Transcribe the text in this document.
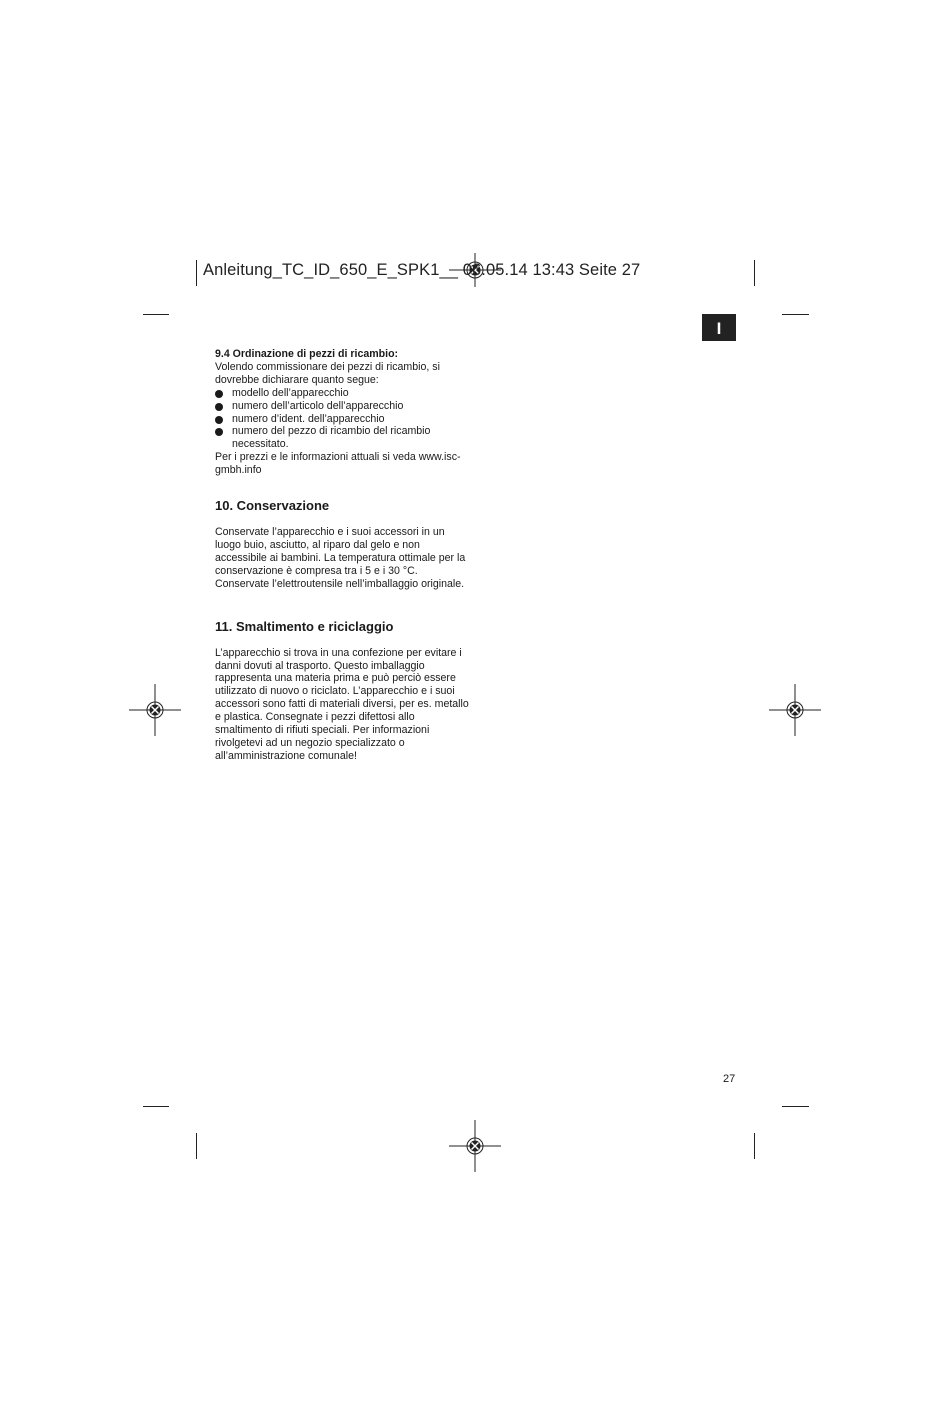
Anleitung_TC_ID_650_E_SPK1__ 06.05.14 13:43 Seite 27
I
9.4 Ordinazione di pezzi di ricambio:
Volendo commissionare dei pezzi di ricambio, si dovrebbe dichiarare quanto segue:
modello dell’apparecchio
numero dell’articolo dell’apparecchio
numero d’ident. dell’apparecchio
numero del pezzo di ricambio del ricambio necessitato.
Per i prezzi e le informazioni attuali si veda www.isc-gmbh.info
10. Conservazione

Conservate l’apparecchio e i suoi accessori in un luogo buio, asciutto, al riparo dal gelo e non accessibile ai bambini. La temperatura ottimale per la conservazione è compresa tra i 5 e i 30 °C. Conservate l’elettroutensile nell’imballaggio originale.

11. Smaltimento e riciclaggio

L’apparecchio si trova in una confezione per evitare i danni dovuti al trasporto. Questo imballaggio rappresenta una materia prima e può perciò essere utilizzato di nuovo o riciclato. L’apparecchio e i suoi accessori sono fatti di materiali diversi, per es. metallo e plastica. Consegnate i pezzi difettosi allo smaltimento di rifiuti speciali. Per informazioni rivolgetevi ad un negozio specializzato o all’amministrazione comunale!

27
